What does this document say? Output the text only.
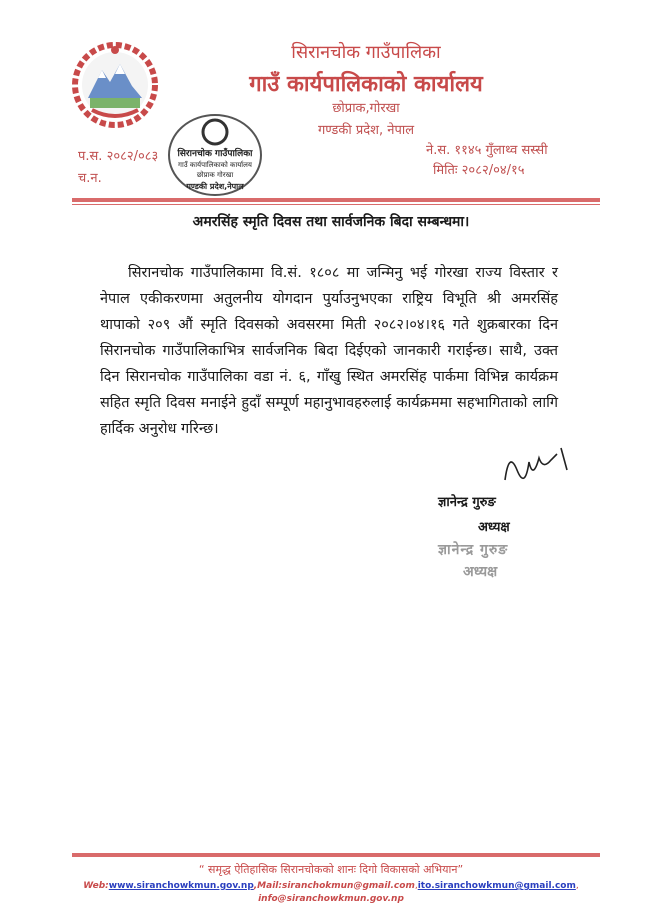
सिरानचोक गाउँपालिका
गाउँ कार्यपालिकाको कार्यालय
छोप्राक,गोरखा
गण्डकी प्रदेश, नेपाल
प.स. २०८२/०८३
च.न.
ने.स. ११४५ गुँलाथ्व सस्सी
मितिः २०८२/०४/१५
सिरानचोक गाउँपालिका
गाउँ कार्यपालिकाको कार्यालय
छोप्राक गोरखा
गण्डकी प्रदेश,नेपाल
अमरसिंह स्मृति दिवस तथा सार्वजनिक बिदा सम्बन्धमा।
सिरानचोक गाउँपालिकामा वि.सं. १८०८ मा जन्मिनु भई गोरखा राज्य विस्तार र नेपाल एकीकरणमा अतुलनीय योगदान पुर्याउनुभएका राष्ट्रिय विभूति श्री अमरसिंह थापाको २०९ औं स्मृति दिवसको अवसरमा मिती २०८२।०४।१६ गते शुक्रबारका दिन सिरानचोक गाउँपालिकाभित्र सार्वजनिक बिदा दिईएको जानकारी गराईन्छ। साथै, उक्त दिन सिरानचोक गाउँपालिका वडा नं. ६, गाँखु स्थित अमरसिंह पार्कमा विभिन्न कार्यक्रम सहित स्मृति दिवस मनाईने हुदाँ सम्पूर्ण महानुभावहरुलाई कार्यक्रममा सहभागिताको लागि हार्दिक अनुरोध गरिन्छ।
ज्ञानेन्द्र गुरुङ
अध्यक्ष
ज्ञानेन्द्र गुरुङ
अध्यक्ष
“ समृद्ध ऐतिहासिक सिरानचोकको शानः दिगो विकासको अभियान”
Web:www.siranchowkmun.gov.np,Mail:siranchokmun@gmail.com,ito.siranchowkmun@gmail.com,
info@siranchowkmun.gov.np
